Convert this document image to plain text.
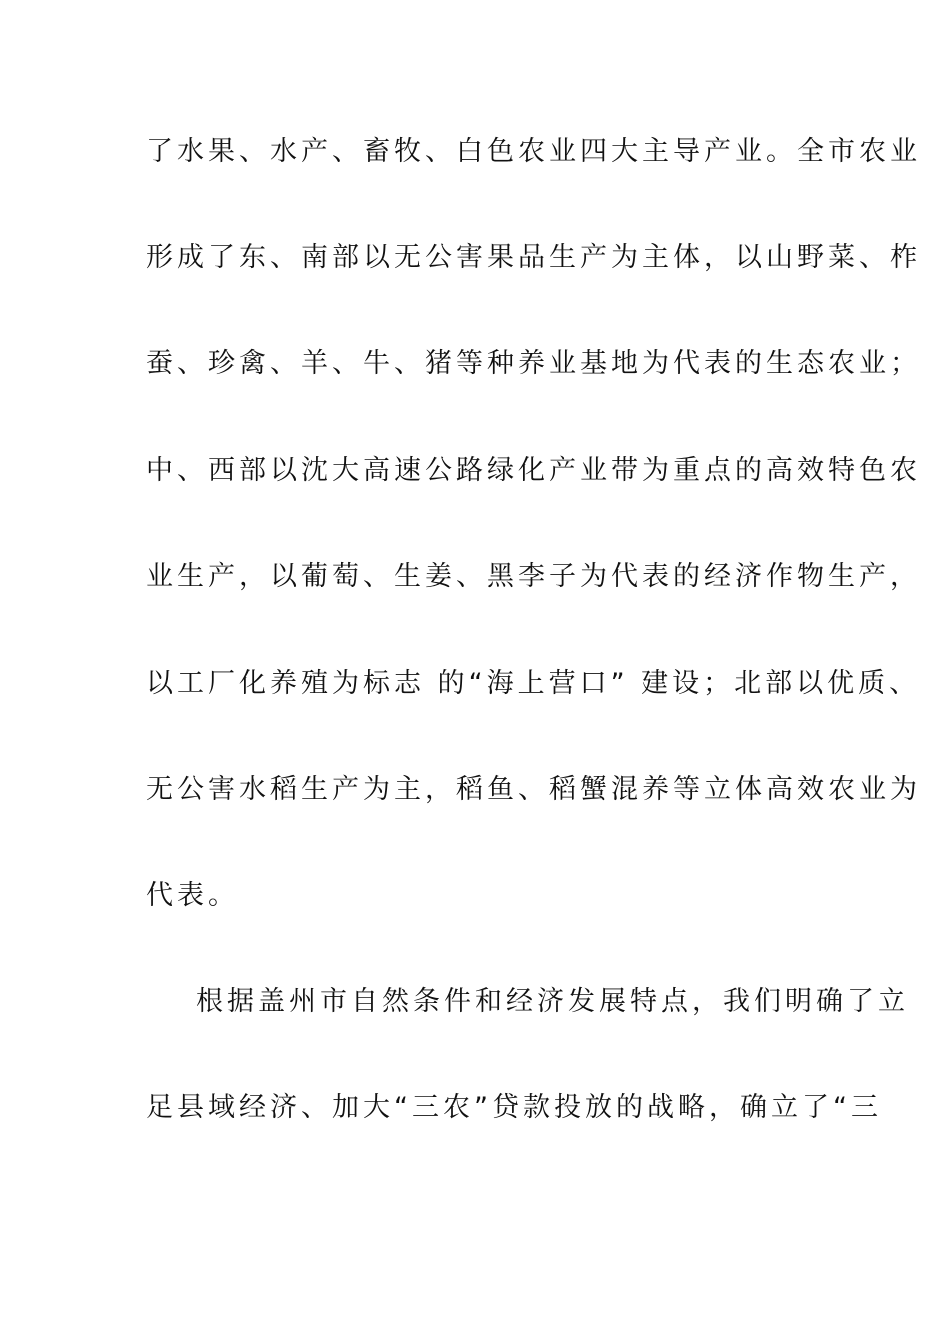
了水果、水产、畜牧、白色农业四大主导产业。全市农业
形成了东、南部以无公害果品生产为主体，以山野菜、柞
蚕、珍禽、羊、牛、猪等种养业基地为代表的生态农业；
中、西部以沈大高速公路绿化产业带为重点的高效特色农
业生产，以葡萄、生姜、黑李子为代表的经济作物生产，
以工厂化养殖为标志 的“海上营口” 建设；北部以优质、
无公害水稻生产为主，稻鱼、稻蟹混养等立体高效农业为
代表。
根据盖州市自然条件和经济发展特点，我们明确了立
足县域经济、加大“三农”贷款投放的战略，确立了“三
